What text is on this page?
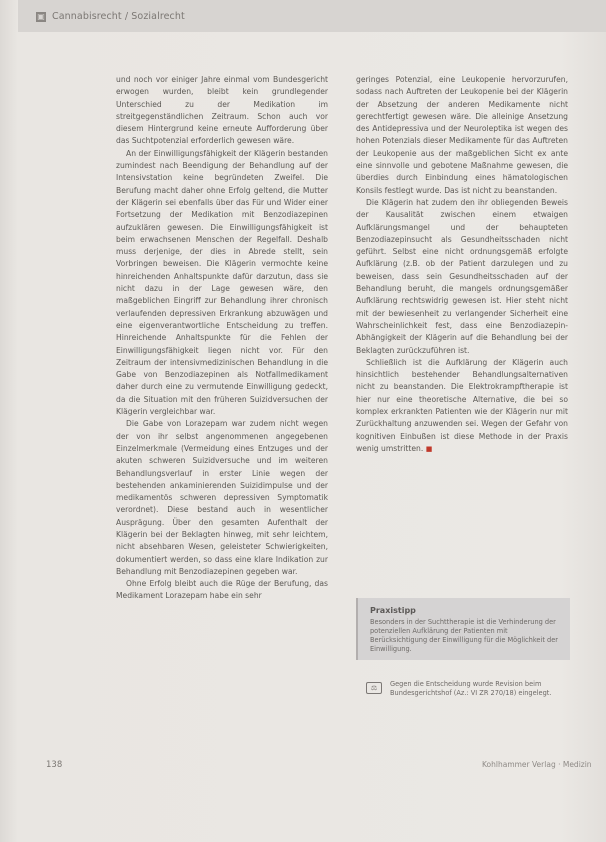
▣ Cannabisrecht / Sozialrecht

und noch vor einiger Jahre einmal vom Bundesgericht erwogen wurden, bleibt kein grundlegender Unterschied zu der Medikation im streitgegenständlichen Zeitraum. Schon auch vor diesem Hintergrund keine erneute Aufforderung über das Suchtpotenzial erforderlich gewesen wäre.

An der Einwilligungsfähigkeit der Klägerin bestanden zumindest nach Beendigung der Behandlung auf der Intensivstation keine begründeten Zweifel. Die Berufung macht daher ohne Erfolg geltend, die Mutter der Klägerin sei ebenfalls über das Für und Wider einer Fortsetzung der Medikation mit Benzodiazepinen aufzuklären gewesen. Die Einwilligungsfähigkeit ist beim erwachsenen Menschen der Regelfall. Deshalb muss derjenige, der dies in Abrede stellt, sein Vorbringen beweisen. Die Klägerin vermochte keine hinreichenden Anhaltspunkte dafür darzutun, dass sie nicht dazu in der Lage gewesen wäre, den maßgeblichen Eingriff zur Behandlung ihrer chronisch verlaufenden depressiven Erkrankung abzuwägen und eine eigenverantwortliche Entscheidung zu treffen. Hinreichende Anhaltspunkte für die Fehlen der Einwilligungsfähigkeit liegen nicht vor. Für den Zeitraum der intensivmedizinischen Behandlung in die Gabe von Benzodiazepinen als Notfallmedikament daher durch eine zu vermutende Einwilligung gedeckt, da die Situation mit den früheren Suizidversuchen der Klägerin vergleichbar war.

Die Gabe von Lorazepam war zudem nicht wegen der von ihr selbst angenommenen angegebenen Einzelmerkmale (Vermeidung eines Entzuges und der akuten schweren Suizidversuche und im weiteren Behandlungsverlauf in erster Linie wegen der bestehenden ankaminierenden Suizidimpulse und der medikamentös schweren depressiven Symptomatik verordnet). Diese bestand auch in wesentlicher Ausprägung. Über den gesamten Aufenthalt der Klägerin bei der Beklagten hinweg, mit sehr leichtem, nicht absehbaren Wesen, geleisteter Schwierigkeiten, dokumentiert werden, so dass eine klare Indikation zur Behandlung mit Benzodiazepinen gegeben war.

Ohne Erfolg bleibt auch die Rüge der Berufung, das Medikament Lorazepam habe ein sehr

geringes Potenzial, eine Leukopenie hervorzurufen, sodass nach Auftreten der Leukopenie bei der Klägerin der Absetzung der anderen Medikamente nicht gerechtfertigt gewesen wäre. Die alleinige Ansetzung des Antidepressiva und der Neuroleptika ist wegen des hohen Potenzials dieser Medikamente für das Auftreten der Leukopenie aus der maßgeblichen Sicht ex ante eine sinnvolle und gebotene Maßnahme gewesen, die überdies durch Einbindung eines hämatologischen Konsils festlegt wurde. Das ist nicht zu beanstanden.

Die Klägerin hat zudem den ihr obliegenden Beweis der Kausalität zwischen einem etwaigen Aufklärungsmangel und der behaupteten Benzodiazepinsucht als Gesundheitsschaden nicht geführt. Selbst eine nicht ordnungsgemäß erfolgte Aufklärung (z.B. ob der Patient darzulegen und zu beweisen, dass sein Gesundheitsschaden auf der Behandlung beruht, die mangels ordnungsgemäßer Aufklärung rechtswidrig gewesen ist. Hier steht nicht mit der bewiesenheit zu verlangender Sicherheit eine Wahrscheinlichkeit fest, dass eine Benzodiazepin-Abhängigkeit der Klägerin auf die Behandlung bei der Beklagten zurückzuführen ist.

Schließlich ist die Aufklärung der Klägerin auch hinsichtlich bestehender Behandlungsalternativen nicht zu beanstanden. Die Elektrokrampftherapie ist hier nur eine theoretische Alternative, die bei so komplex erkrankten Patienten wie der Klägerin nur mit Zurückhaltung anzuwenden sei. Wegen der Gefahr von kognitiven Einbußen ist diese Methode in der Praxis wenig umstritten. ■

Praxistipp
Besonders in der Suchttherapie ist die Verhinderung der potenziellen Aufklärung der Patienten mit Berücksichtigung der Einwilligung für die Möglichkeit der Einwilligung.
⚖	Gegen die Entscheidung wurde Revision beim Bundesgerichtshof (Az.: VI ZR 270/18) eingelegt.
138	Kohlhammer Verlag · Medizin
